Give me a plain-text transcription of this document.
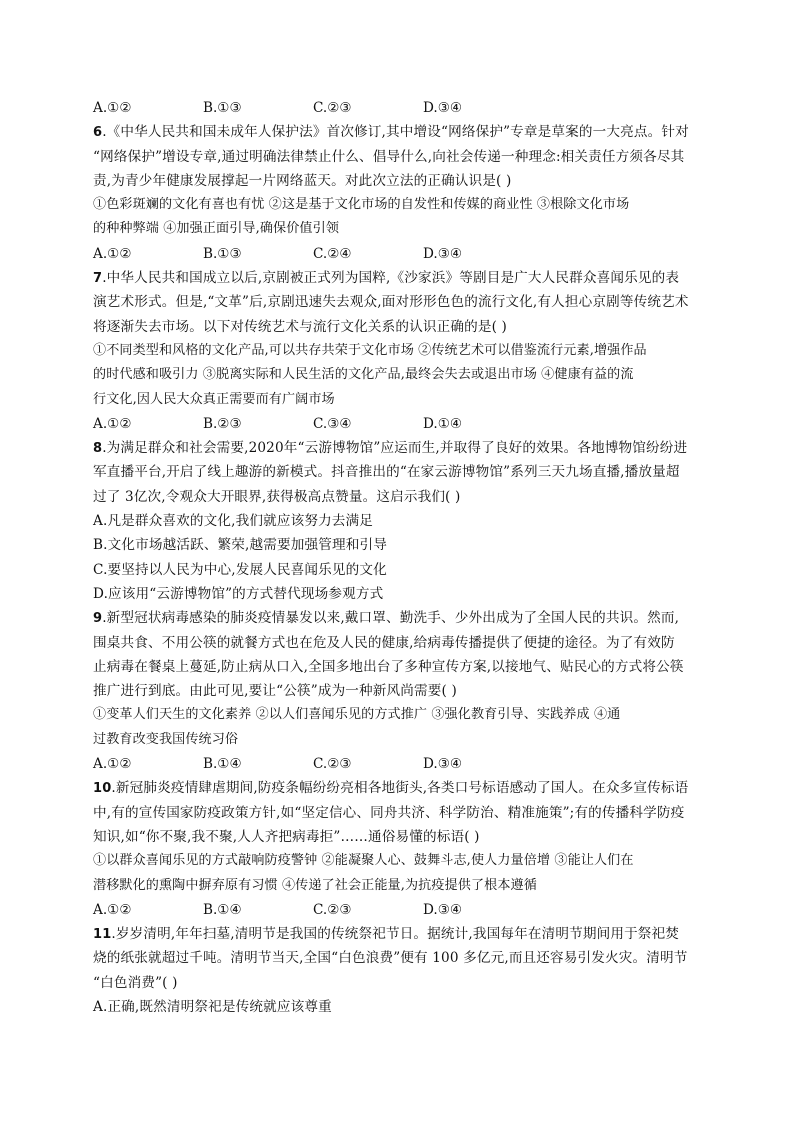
A.①②	B.①③	C.②③	D.③④
6.《中华人民共和国未成年人保护法》首次修订,其中增设“网络保护”专章是草案的一大亮点。针对
“网络保护”增设专章,通过明确法律禁止什么、倡导什么,向社会传递一种理念:相关责任方须各尽其
责,为青少年健康发展撑起一片网络蓝天。对此次立法的正确认识是( )
①色彩斑斓的文化有喜也有忧 ②这是基于文化市场的自发性和传媒的商业性 ③根除文化市场
的种种弊端 ④加强正面引导,确保价值引领
A.①②	B.①③	C.②④	D.③④
7.中华人民共和国成立以后,京剧被正式列为国粹,《沙家浜》等剧目是广大人民群众喜闻乐见的表
演艺术形式。但是,“文革”后,京剧迅速失去观众,面对形形色色的流行文化,有人担心京剧等传统艺术
将逐渐失去市场。以下对传统艺术与流行文化关系的认识正确的是( )
①不同类型和风格的文化产品,可以共存共荣于文化市场 ②传统艺术可以借鉴流行元素,增强作品
的时代感和吸引力 ③脱离实际和人民生活的文化产品,最终会失去或退出市场 ④健康有益的流
行文化,因人民大众真正需要而有广阔市场
A.①②	B.②③	C.③④	D.①④
8.为满足群众和社会需要,2020年“云游博物馆”应运而生,并取得了良好的效果。各地博物馆纷纷进
军直播平台,开启了线上趣游的新模式。抖音推出的“在家云游博物馆”系列三天九场直播,播放量超
过了 3亿次,令观众大开眼界,获得极高点赞量。这启示我们( )
A.凡是群众喜欢的文化,我们就应该努力去满足
B.文化市场越活跃、繁荣,越需要加强管理和引导
C.要坚持以人民为中心,发展人民喜闻乐见的文化
D.应该用“云游博物馆”的方式替代现场参观方式
9.新型冠状病毒感染的肺炎疫情暴发以来,戴口罩、勤洗手、少外出成为了全国人民的共识。然而,
围桌共食、不用公筷的就餐方式也在危及人民的健康,给病毒传播提供了便捷的途径。为了有效防
止病毒在餐桌上蔓延,防止病从口入,全国多地出台了多种宣传方案,以接地气、贴民心的方式将公筷
推广进行到底。由此可见,要让“公筷”成为一种新风尚需要( )
①变革人们天生的文化素养 ②以人们喜闻乐见的方式推广 ③强化教育引导、实践养成 ④通
过教育改变我国传统习俗
A.①②	B.①④	C.②③	D.③④
10.新冠肺炎疫情肆虐期间,防疫条幅纷纷亮相各地街头,各类口号标语感动了国人。在众多宣传标语
中,有的宣传国家防疫政策方针,如“坚定信心、同舟共济、科学防治、精准施策”;有的传播科学防疫
知识,如“你不聚,我不聚,人人齐把病毒拒”……通俗易懂的标语( )
①以群众喜闻乐见的方式敲响防疫警钟 ②能凝聚人心、鼓舞斗志,使人力量倍增 ③能让人们在
潜移默化的熏陶中摒弃原有习惯 ④传递了社会正能量,为抗疫提供了根本遵循
A.①②	B.①④	C.②③	D.③④
11.岁岁清明,年年扫墓,清明节是我国的传统祭祀节日。据统计,我国每年在清明节期间用于祭祀焚
烧的纸张就超过千吨。清明节当天,全国“白色浪费”便有 100 多亿元,而且还容易引发火灾。清明节
“白色消费”( )
A.正确,既然清明祭祀是传统就应该尊重
